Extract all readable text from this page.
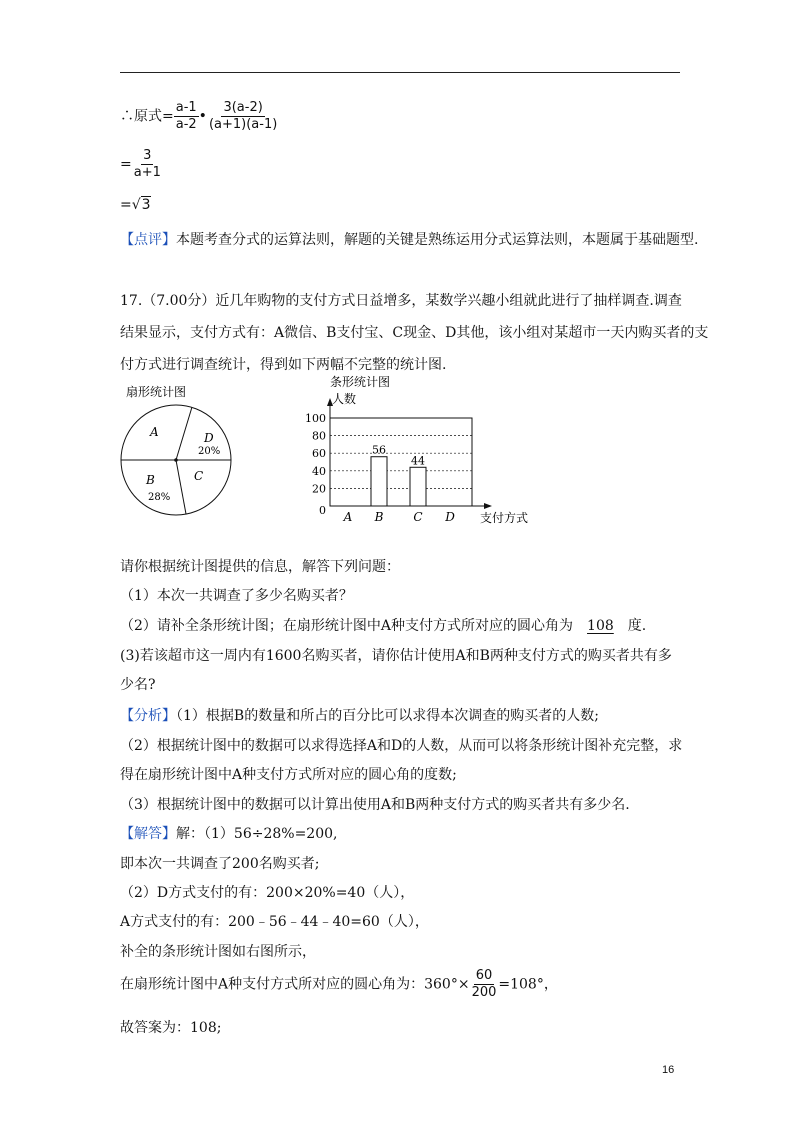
∴原式= $\frac{a-1}{a-2}$ • $\frac{3(a-2)}{(a+1)(a-1)}$
= $\frac{3}{a+1}$
=√3
【点评】本题考查分式的运算法则，解题的关键是熟练运用分式运算法则，本题属于基础题型.
17.（7.00分）近几年购物的支付方式日益增多，某数学兴趣小组就此进行了抽样调查.调查
结果显示，支付方式有：A微信、B支付宝、C现金、D其他，该小组对某超市一天内购买者的支
付方式进行调查统计，得到如下两幅不完整的统计图.
扇形统计图
A	D
20%
C
B
28%
条形统计图
人数
100
80
60
40
20
0 A
56
B
44
C D 支付方式
请你根据统计图提供的信息，解答下列问题：
（1）本次一共调查了多少名购买者？
（2）请补全条形统计图；在扇形统计图中A种支付方式所对应的圆心角为 108 度.
(3)若该超市这一周内有1600名购买者，请你估计使用A和B两种支付方式的购买者共有多
少名?
【分析】（1）根据B的数量和所占的百分比可以求得本次调查的购买者的人数;
（2）根据统计图中的数据可以求得选择A和D的人数，从而可以将条形统计图补充完整，求
得在扇形统计图中A种支付方式所对应的圆心角的度数;
（3）根据统计图中的数据可以计算出使用A和B两种支付方式的购买者共有多少名.
【解答】解：（1）56÷28%=200,
即本次一共调查了200名购买者;
（2）D方式支付的有：200×20%=40（人），
A方式支付的有：200﹣56﹣44﹣40=60（人），
补全的条形统计图如右图所示，
在扇形统计图中A种支付方式所对应的圆心角为：$360^\circ\times \frac{60}{200} =108^\circ$，
故答案为：108;
16
